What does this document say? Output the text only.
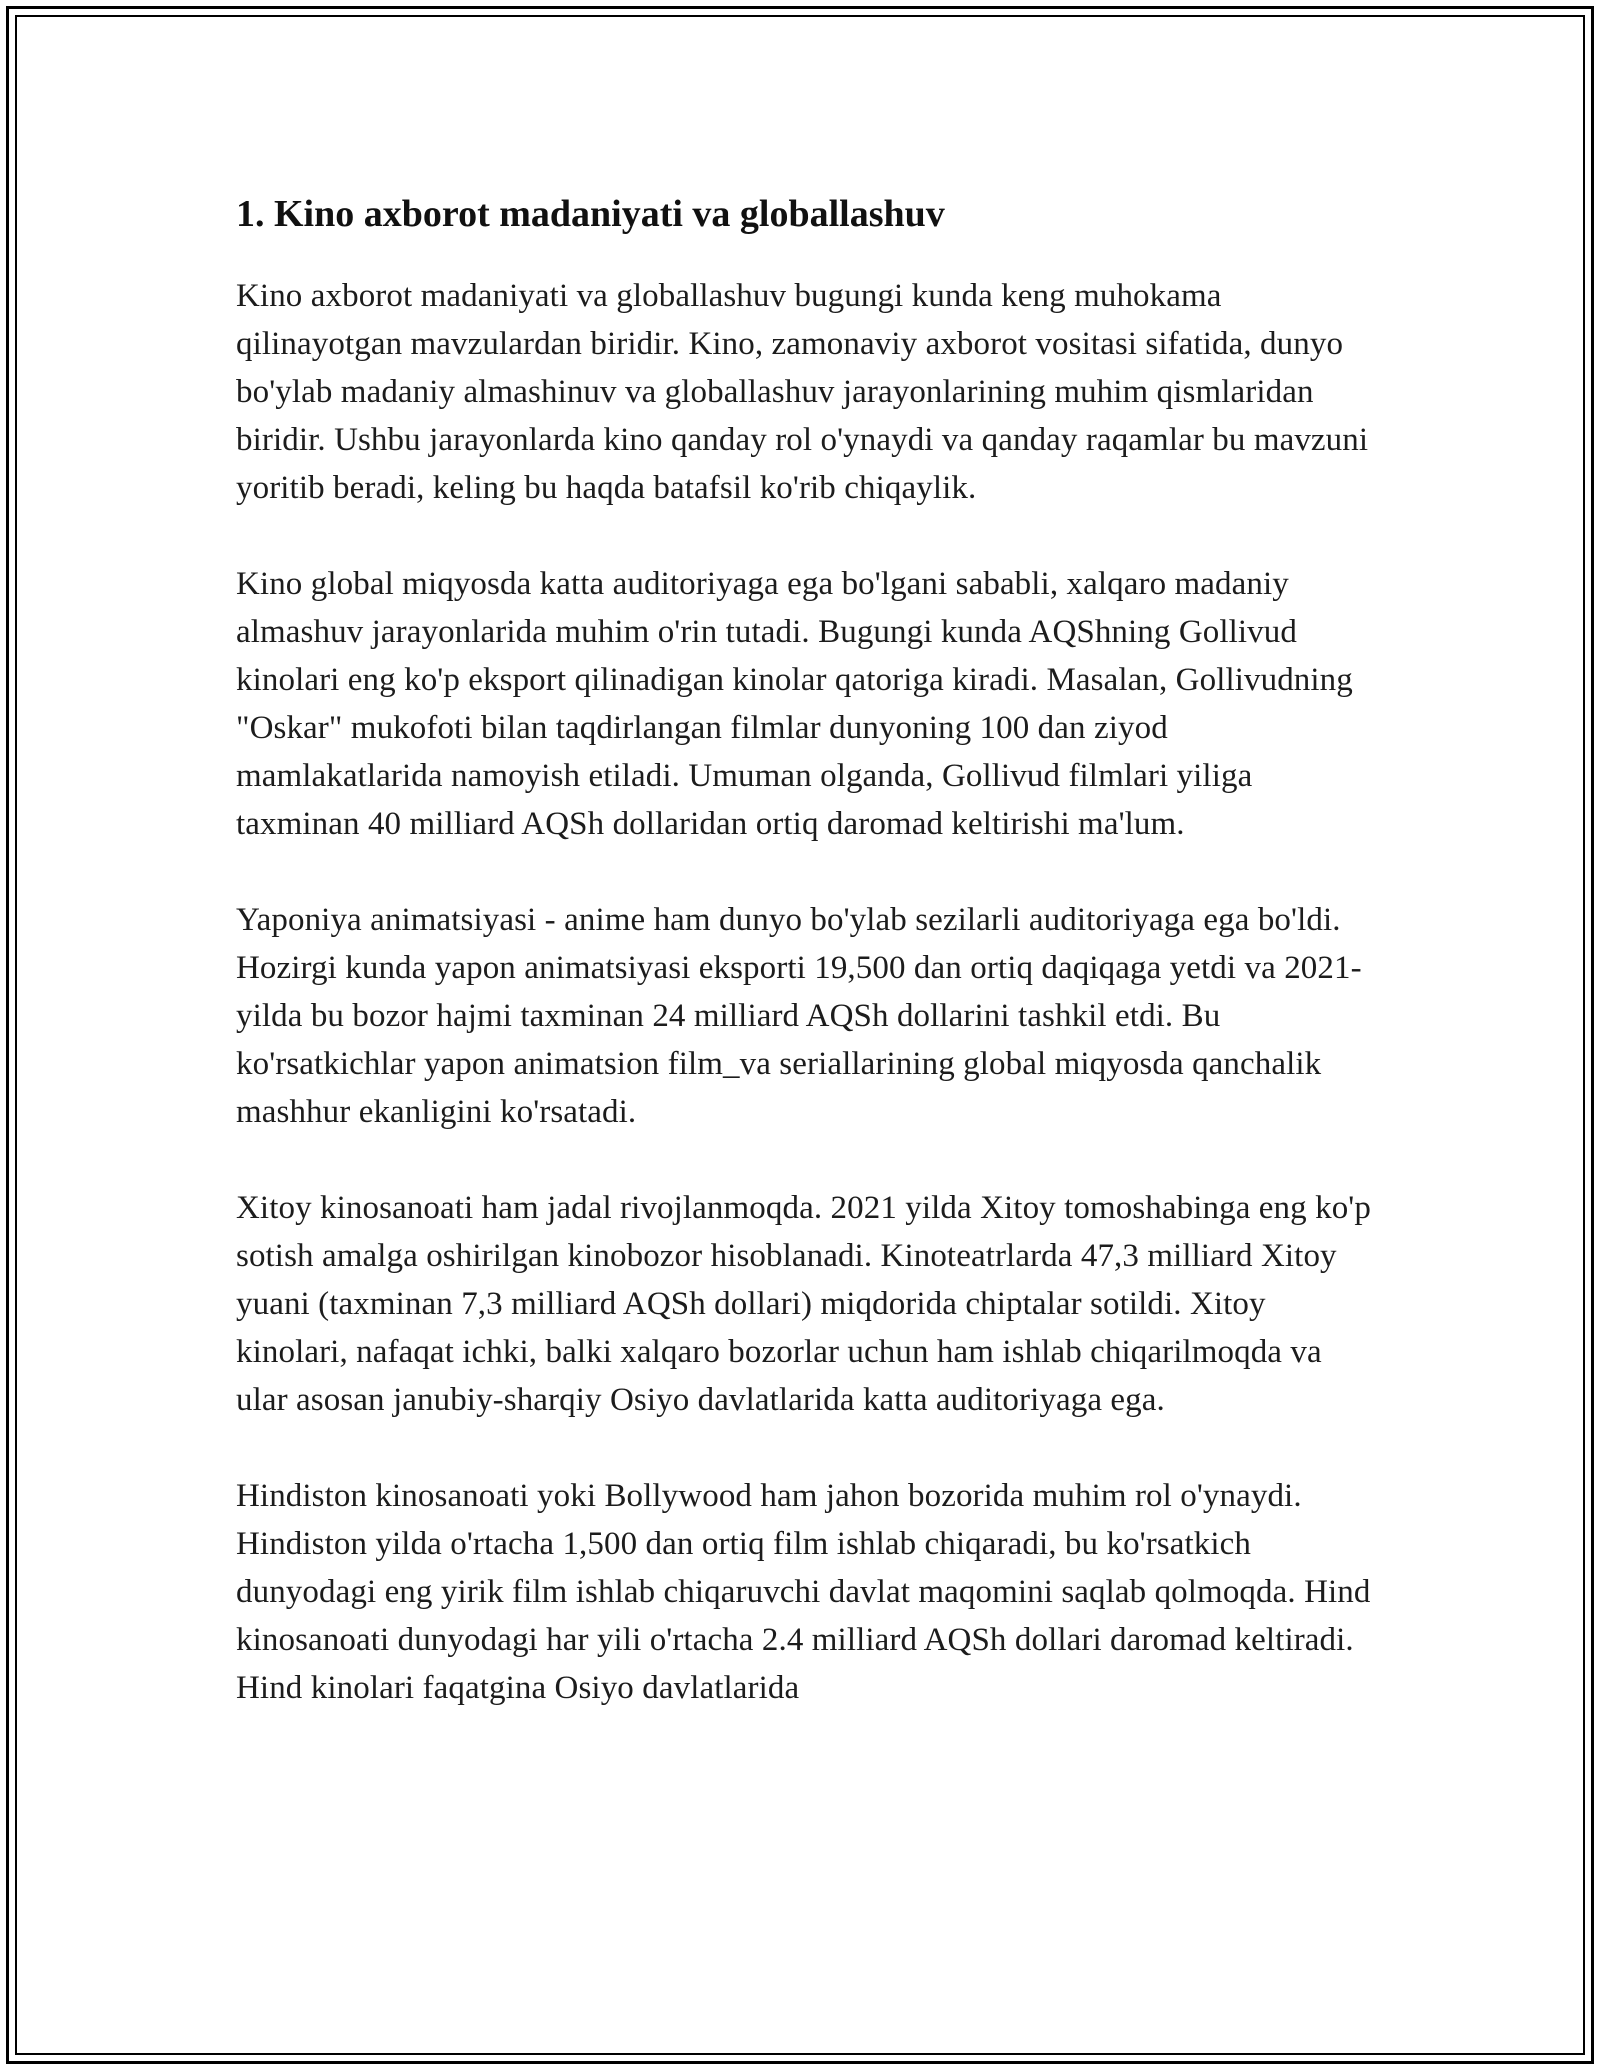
1. Kino axborot madaniyati va globallashuv

Kino axborot madaniyati va globallashuv bugungi kunda keng muhokama qilinayotgan mavzulardan biridir. Kino, zamonaviy axborot vositasi sifatida, dunyo bo'ylab madaniy almashinuv va globallashuv jarayonlarining muhim qismlaridan biridir. Ushbu jarayonlarda kino qanday rol o'ynaydi va qanday raqamlar bu mavzuni yoritib beradi, keling bu haqda batafsil ko'rib chiqaylik.

Kino global miqyosda katta auditoriyaga ega bo'lgani sababli, xalqaro madaniy almashuv jarayonlarida muhim o'rin tutadi. Bugungi kunda AQShning Gollivud kinolari eng ko'p eksport qilinadigan kinolar qatoriga kiradi. Masalan, Gollivudning "Oskar" mukofoti bilan taqdirlangan filmlar dunyoning 100 dan ziyod mamlakatlarida namoyish etiladi. Umuman olganda, Gollivud filmlari yiliga taxminan 40 milliard AQSh dollaridan ortiq daromad keltirishi ma'lum.

Yaponiya animatsiyasi - anime ham dunyo bo'ylab sezilarli auditoriyaga ega bo'ldi. Hozirgi kunda yapon animatsiyasi eksporti 19,500 dan ortiq daqiqaga yetdi va 2021-yilda bu bozor hajmi taxminan 24 milliard AQSh dollarini tashkil etdi. Bu ko'rsatkichlar yapon animatsion film_va seriallarining global miqyosda qanchalik mashhur ekanligini ko'rsatadi.

Xitoy kinosanoati ham jadal rivojlanmoqda. 2021 yilda Xitoy tomoshabinga eng ko'p sotish amalga oshirilgan kinobozor hisoblanadi. Kinoteatrlarda 47,3 milliard Xitoy yuani (taxminan 7,3 milliard AQSh dollari) miqdorida chiptalar sotildi. Xitoy kinolari, nafaqat ichki, balki xalqaro bozorlar uchun ham ishlab chiqarilmoqda va ular asosan janubiy-sharqiy Osiyo davlatlarida katta auditoriyaga ega.

Hindiston kinosanoati yoki Bollywood ham jahon bozorida muhim rol o'ynaydi. Hindiston yilda o'rtacha 1,500 dan ortiq film ishlab chiqaradi, bu ko'rsatkich dunyodagi eng yirik film ishlab chiqaruvchi davlat maqomini saqlab qolmoqda. Hind kinosanoati dunyodagi har yili o'rtacha 2.4 milliard AQSh dollari daromad keltiradi. Hind kinolari faqatgina Osiyo davlatlarida
